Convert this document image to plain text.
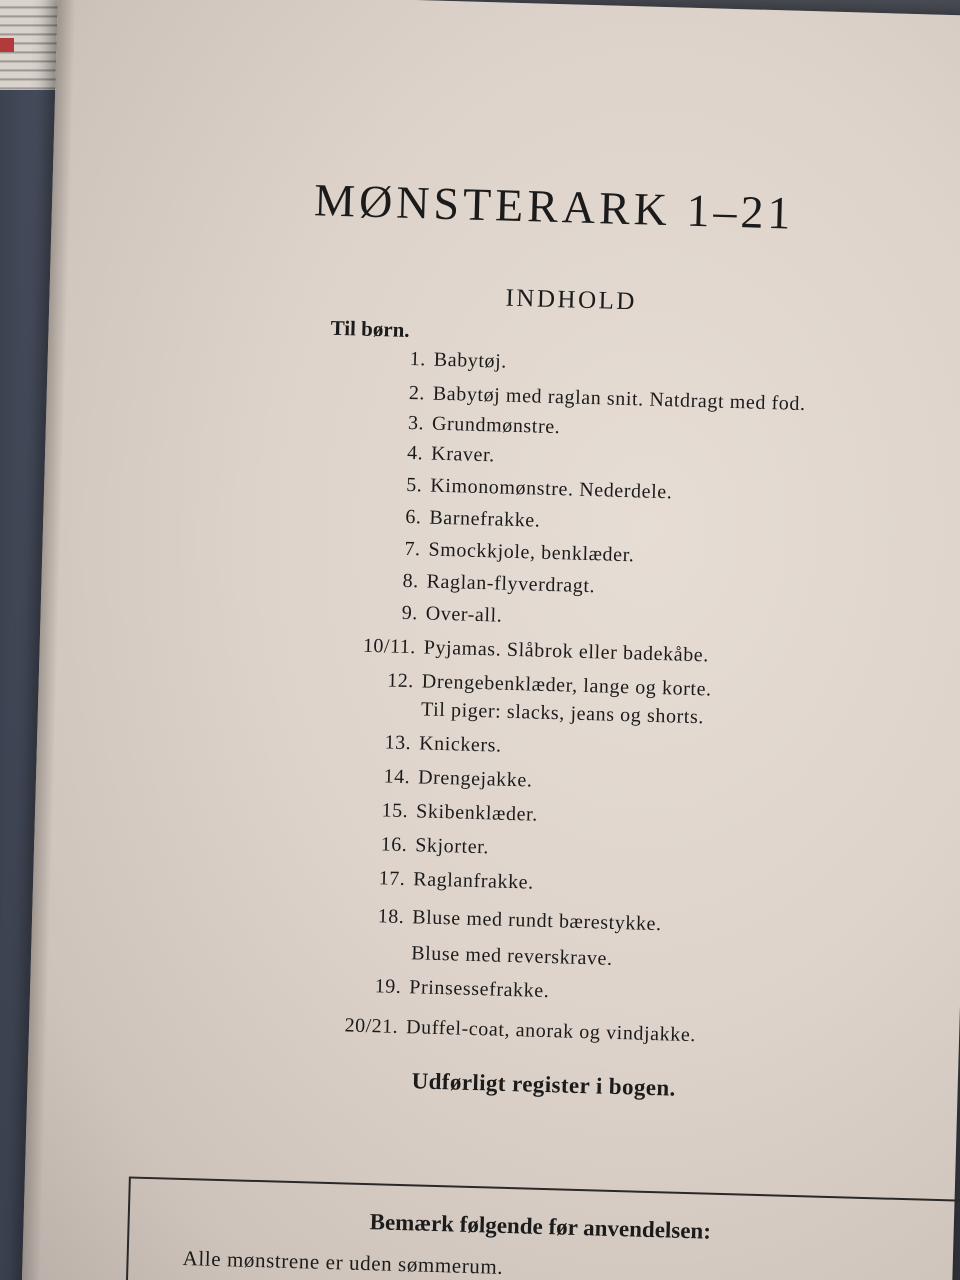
MØNSTERARK 1–21
INDHOLD
Til børn.
1. Babytøj.
2. Babytøj med raglan snit. Natdragt med fod.
3. Grundmønstre.
4. Kraver.
5. Kimonomønstre. Nederdele.
6. Barnefrakke.
7. Smockkjole, benklæder.
8. Raglan-flyverdragt.
9. Over-all.
10/11. Pyjamas. Slåbrok eller badekåbe.
12. Drengebenklæder, lange og korte.
Til piger: slacks, jeans og shorts.
13. Knickers.
14. Drengejakke.
15. Skibenklæder.
16. Skjorter.
17. Raglanfrakke.
18. Bluse med rundt bærestykke.
Bluse med reverskrave.
19. Prinsessefrakke.
20/21. Duffel-coat, anorak og vindjakke.
Udførligt register i bogen.
Bemærk følgende før anvendelsen:
Alle mønstrene er uden sømmerum.
